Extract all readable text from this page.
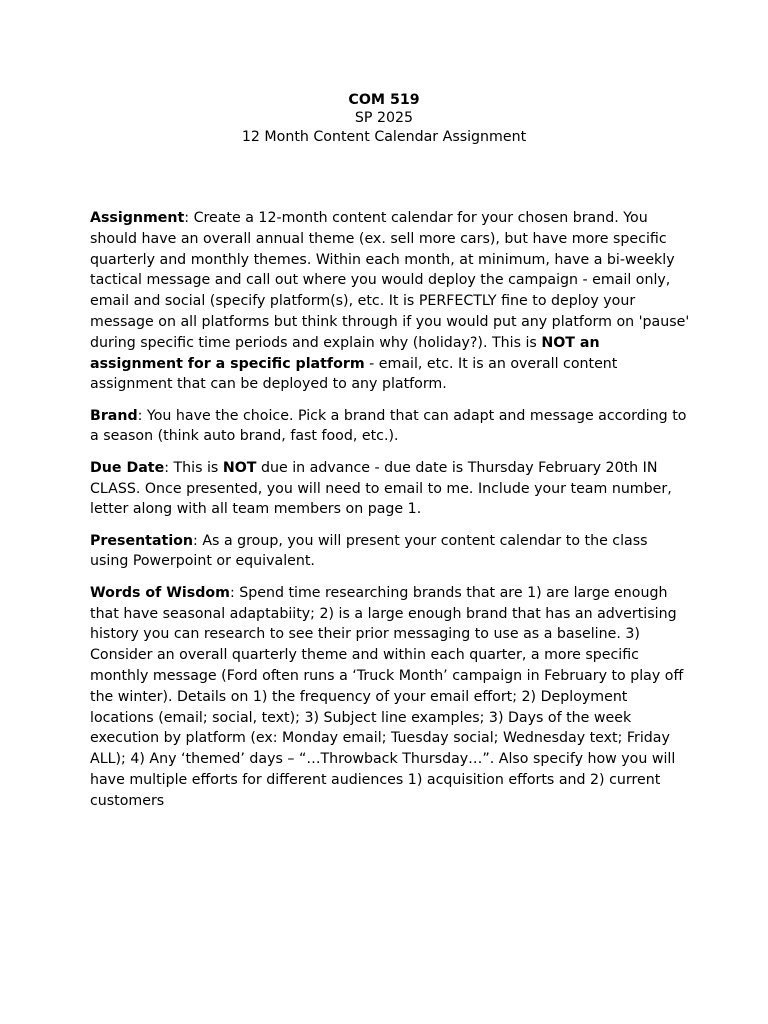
COM 519
SP 2025
12 Month Content Calendar Assignment

Assignment: Create a 12-month content calendar for your chosen brand. You should have an overall annual theme (ex. sell more cars), but have more specific quarterly and monthly themes. Within each month, at minimum, have a bi-weekly tactical message and call out where you would deploy the campaign - email only, email and social (specify platform(s), etc. It is PERFECTLY fine to deploy your message on all platforms but think through if you would put any platform on 'pause' during specific time periods and explain why (holiday?). This is NOT an assignment for a specific platform - email, etc. It is an overall content assignment that can be deployed to any platform.

Brand: You have the choice. Pick a brand that can adapt and message according to a season (think auto brand, fast food, etc.).

Due Date: This is NOT due in advance - due date is Thursday February 20th IN CLASS. Once presented, you will need to email to me. Include your team number, letter along with all team members on page 1.

Presentation: As a group, you will present your content calendar to the class using Powerpoint or equivalent.

Words of Wisdom: Spend time researching brands that are 1) are large enough that have seasonal adaptabiity; 2) is a large enough brand that has an advertising history you can research to see their prior messaging to use as a baseline. 3) Consider an overall quarterly theme and within each quarter, a more specific monthly message (Ford often runs a ‘Truck Month’ campaign in February to play off the winter). Details on 1) the frequency of your email effort; 2) Deployment locations (email; social, text); 3) Subject line examples; 3) Days of the week execution by platform (ex: Monday email; Tuesday social; Wednesday text; Friday ALL); 4) Any ‘themed’ days – “…Throwback Thursday…”. Also specify how you will have multiple efforts for different audiences 1) acquisition efforts and 2) current customers
